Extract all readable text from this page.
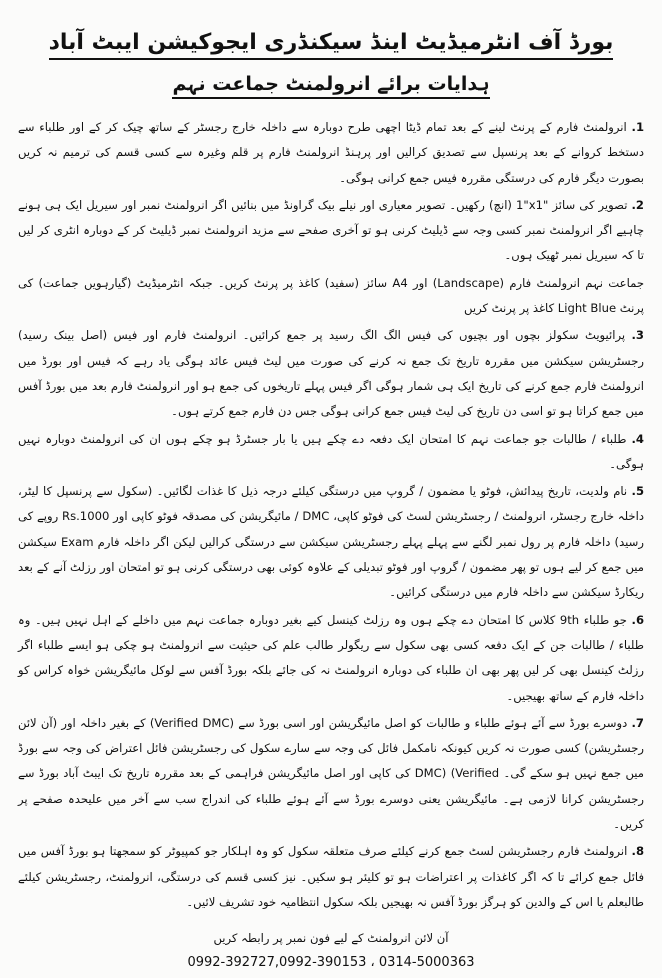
بورڈ آف انٹرمیڈیٹ اینڈ سیکنڈری ایجوکیشن ایبٹ آباد
ہدایات برائے انرولمنٹ جماعت نہم

1. انرولمنٹ فارم کے پرنٹ لینے کے بعد تمام ڈیٹا اچھی طرح دوبارہ سے داخلہ خارج رجسٹر کے ساتھ چیک کر کے اور طلباء سے دستخط کروانے کے بعد پرنسپل سے تصدیق کرالیں اور پرہنڈ انرولمنٹ فارم پر قلم وغیرہ سے کسی قسم کی ترمیم نہ کریں بصورت دیگر فارم کی درستگی مقررہ فیس جمع کرانی ہوگی۔

2. تصویر کی سائز 1"x1" (انچ) رکھیں۔ تصویر معیاری اور نیلے بیک گراونڈ میں بنائیں اگر انرولمنٹ نمبر اور سیریل ایک ہی ہونے چاہیے اگر انرولمنٹ نمبر کسی وجہ سے ڈیلیٹ کرنی ہو تو آخری صفحے سے مزید انرولمنٹ نمبر ڈیلیٹ کر کے دوبارہ انٹری کر لیں تا کہ سیریل نمبر ٹھیک ہوں۔

جماعت نہم انرولمنٹ فارم (Landscape) اور A4 سائز (سفید) کاغذ پر پرنٹ کریں۔ جبکہ انٹرمیڈیٹ (گیارہویں جماعت) کی پرنٹ Light Blue کاغذ پر پرنٹ کریں

3. پرائیویٹ سکولز بچوں اور بچیوں کی فیس الگ الگ رسید پر جمع کرائیں۔ انرولمنٹ فارم اور فیس (اصل بینک رسید) رجسٹریشن سیکشن میں مقررہ تاریخ تک جمع نہ کرنے کی صورت میں لیٹ فیس عائد ہوگی یاد رہے کہ فیس اور بورڈ میں انرولمنٹ فارم جمع کرنے کی تاریخ ایک ہی شمار ہوگی اگر فیس پہلے تاریخوں کی جمع ہو اور انرولمنٹ فارم بعد میں بورڈ آفس میں جمع کراتا ہو تو اسی دن تاریخ کی لیٹ فیس جمع کرانی ہوگی جس دن فارم جمع کرتے ہوں۔

4. طلباء / طالبات جو جماعت نہم کا امتحان ایک دفعہ دے چکے ہیں یا بار جسٹرڈ ہو چکے ہوں ان کی انرولمنٹ دوبارہ نہیں ہوگی۔

5. نام ولدیت، تاریخ پیدائش، فوٹو یا مضمون / گروپ میں درستگی کیلئے درجہ ذیل کا غذات لگائیں۔ (سکول سے پرنسپل کا لیٹر، داخلہ خارج رجسٹر، انرولمنٹ / رجسٹریشن لسٹ کی فوٹو کاپی، DMC / مائیگریشن کی مصدقہ فوٹو کاپی اور Rs.1000 روپے کی رسید) داخلہ فارم پر رول نمبر لگنے سے پہلے پہلے رجسٹریشن سیکشن سے درستگی کرالیں لیکن اگر داخلہ فارم Exam سیکشن میں جمع کر لیے ہوں تو پھر مضمون / گروپ اور فوٹو تبدیلی کے علاوہ کوئی بھی درستگی کرنی ہو تو امتحان اور رزلٹ آنے کے بعد ریکارڈ سیکشن سے داخلہ فارم میں درستگی کرائیں۔

6. جو طلباء 9th کلاس کا امتحان دے چکے ہوں وہ رزلٹ کینسل کیے بغیر دوبارہ جماعت نہم میں داخلے کے اہل نہیں ہیں۔ وہ طلباء / طالبات جن کے ایک دفعہ کسی بھی سکول سے ریگولر طالب علم کی حیثیت سے انرولمنٹ ہو چکی ہو ایسے طلباء اگر رزلٹ کینسل بھی کر لیں پھر بھی ان طلباء کی دوبارہ انرولمنٹ نہ کی جائے بلکہ بورڈ آفس سے لوکل مائیگریشن خواہ کراس کو داخلہ فارم کے ساتھ بھیجیں۔

7. دوسرے بورڈ سے آئے ہوئے طلباء و طالبات کو اصل مائیگریشن اور اسی بورڈ سے (Verified DMC) کے بغیر داخلہ اور (آن لائن رجسٹریشن) کسی صورت نہ کریں کیونکہ نامکمل فائل کی وجہ سے سارے سکول کی رجسٹریشن فائل اعتراض کی وجہ سے بورڈ میں جمع نہیں ہو سکے گی۔ (Verified DMC) کی کاپی اور اصل مائیگریشن فراہمی کے بعد مقررہ تاریخ تک ایبٹ آباد بورڈ سے رجسٹریشن کرانا لازمی ہے۔ مائیگریشن یعنی دوسرے بورڈ سے آئے ہوئے طلباء کی اندراج سب سے آخر میں علیحدہ صفحے پر کریں۔

8. انرولمنٹ فارم رجسٹریشن لسٹ جمع کرنے کیلئے صرف متعلقہ سکول کو وہ اہلکار جو کمپیوٹر کو سمجھتا ہو بورڈ آفس میں فائل جمع کرائے تا کہ اگر کاغذات پر اعتراضات ہو تو کلیئر ہو سکیں۔ نیز کسی قسم کی درستگی، انرولمنٹ، رجسٹریشن کیلئے طالبعلم یا اس کے والدین کو ہرگز بورڈ آفس نہ بھیجیں بلکہ سکول انتظامیہ خود تشریف لائیں۔

آن لائن انرولمنٹ کے لیے فون نمبر پر رابطہ کریں
0992-392727,0992-390153 ، 0314-5000363
